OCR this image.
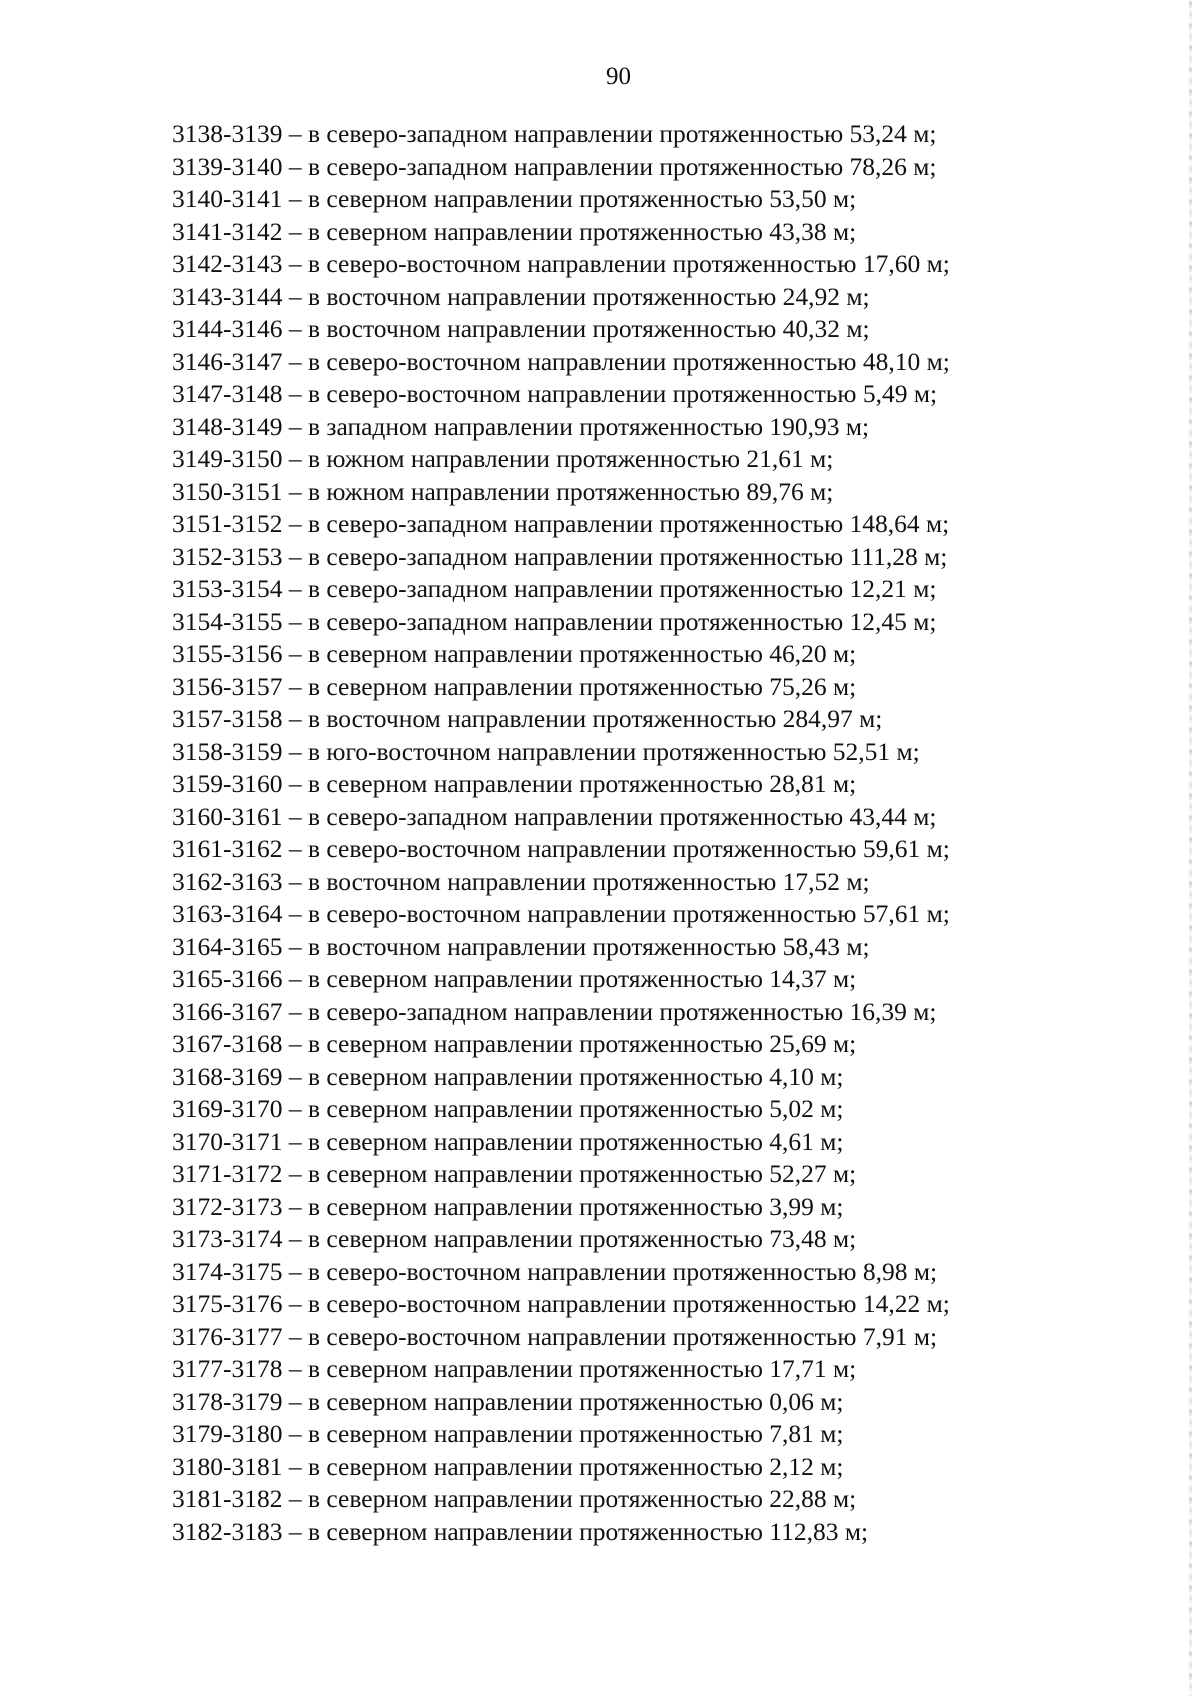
90
3138-3139 – в северо-западном направлении протяженностью 53,24 м;
3139-3140 – в северо-западном направлении протяженностью 78,26 м;
3140-3141 – в северном направлении протяженностью 53,50 м;
3141-3142 – в северном направлении протяженностью 43,38 м;
3142-3143 – в северо-восточном направлении протяженностью 17,60 м;
3143-3144 – в восточном направлении протяженностью 24,92 м;
3144-3146 – в восточном направлении протяженностью 40,32 м;
3146-3147 – в северо-восточном направлении протяженностью 48,10 м;
3147-3148 – в северо-восточном направлении протяженностью 5,49 м;
3148-3149 – в западном направлении протяженностью 190,93 м;
3149-3150 – в южном направлении протяженностью 21,61 м;
3150-3151 – в южном направлении протяженностью 89,76 м;
3151-3152 – в северо-западном направлении протяженностью 148,64 м;
3152-3153 – в северо-западном направлении протяженностью 111,28 м;
3153-3154 – в северо-западном направлении протяженностью 12,21 м;
3154-3155 – в северо-западном направлении протяженностью 12,45 м;
3155-3156 – в северном направлении протяженностью 46,20 м;
3156-3157 – в северном направлении протяженностью 75,26 м;
3157-3158 – в восточном направлении протяженностью 284,97 м;
3158-3159 – в юго-восточном направлении протяженностью 52,51 м;
3159-3160 – в северном направлении протяженностью 28,81 м;
3160-3161 – в северо-западном направлении протяженностью 43,44 м;
3161-3162 – в северо-восточном направлении протяженностью 59,61 м;
3162-3163 – в восточном направлении протяженностью 17,52 м;
3163-3164 – в северо-восточном направлении протяженностью 57,61 м;
3164-3165 – в восточном направлении протяженностью 58,43 м;
3165-3166 – в северном направлении протяженностью 14,37 м;
3166-3167 – в северо-западном направлении протяженностью 16,39 м;
3167-3168 – в северном направлении протяженностью 25,69 м;
3168-3169 – в северном направлении протяженностью 4,10 м;
3169-3170 – в северном направлении протяженностью 5,02 м;
3170-3171 – в северном направлении протяженностью 4,61 м;
3171-3172 – в северном направлении протяженностью 52,27 м;
3172-3173 – в северном направлении протяженностью 3,99 м;
3173-3174 – в северном направлении протяженностью 73,48 м;
3174-3175 – в северо-восточном направлении протяженностью 8,98 м;
3175-3176 – в северо-восточном направлении протяженностью 14,22 м;
3176-3177 – в северо-восточном направлении протяженностью 7,91 м;
3177-3178 – в северном направлении протяженностью 17,71 м;
3178-3179 – в северном направлении протяженностью 0,06 м;
3179-3180 – в северном направлении протяженностью 7,81 м;
3180-3181 – в северном направлении протяженностью 2,12 м;
3181-3182 – в северном направлении протяженностью 22,88 м;
3182-3183 – в северном направлении протяженностью 112,83 м;
